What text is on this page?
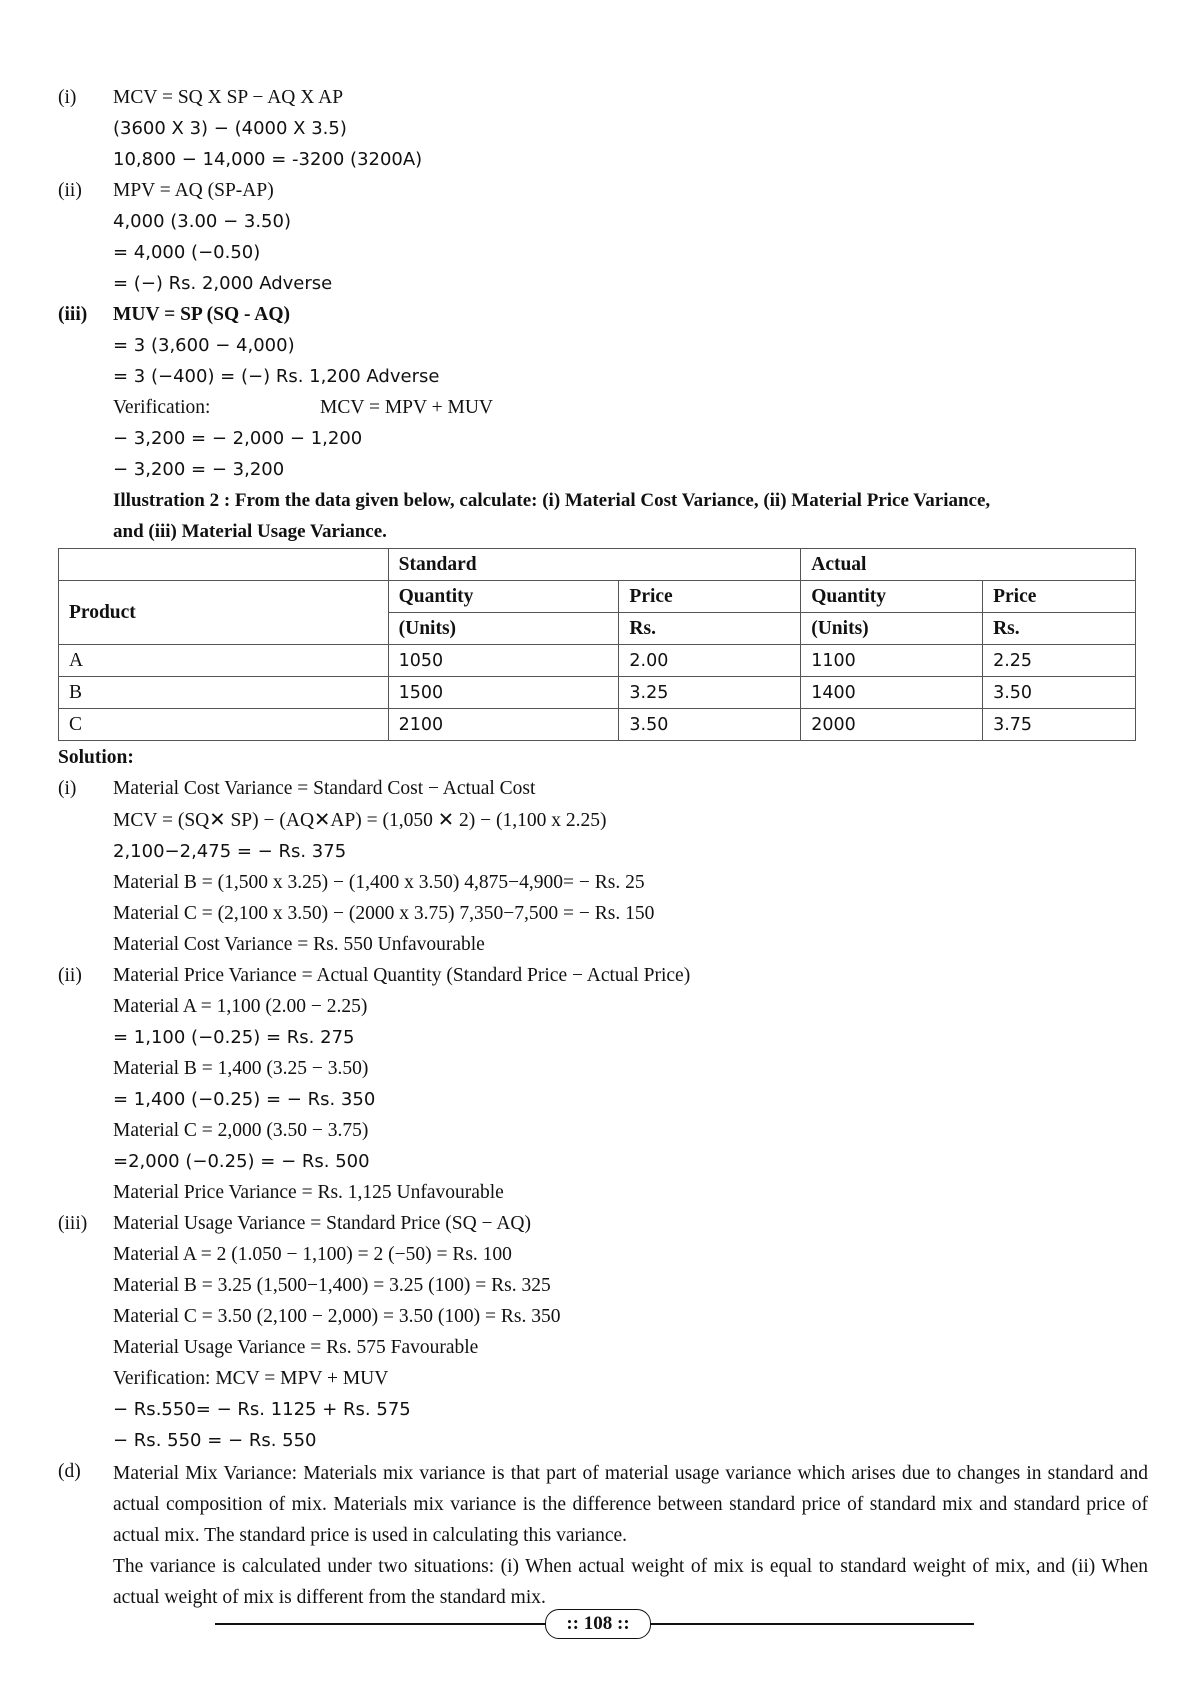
(i) MCV = SQ X SP − AQ X AP
(3600 X 3) − (4000 X 3.5)
10,800 − 14,000 = -3200 (3200A)
(ii) MPV = AQ (SP-AP)
4,000 (3.00 − 3.50)
= 4,000 (−0.50)
= (−) Rs. 2,000 Adverse
(iii) MUV = SP (SQ - AQ)
= 3 (3,600 − 4,000)
= 3 (−400) = (−) Rs. 1,200 Adverse
Verification:	MCV = MPV + MUV
− 3,200 = − 2,000 − 1,200
− 3,200 = − 3,200
Illustration 2 : From the data given below, calculate: (i) Material Cost Variance, (ii) Material Price Variance,
and (iii) Material Usage Variance.
	Standard		Actual	
Product	Quantity	Price	Quantity	Price
	(Units)	Rs.	(Units)	Rs.
A	1050	2.00	1100	2.25
B	1500	3.25	1400	3.50
C	2100	3.50	2000	3.75
Solution:
(i) Material Cost Variance = Standard Cost − Actual Cost
MCV = (SQ✕ SP) − (AQ✕AP) = (1,050 ✕ 2) − (1,100 x 2.25)
2,100−2,475 = − Rs. 375
Material B = (1,500 x 3.25) − (1,400 x 3.50) 4,875−4,900= − Rs. 25
Material C = (2,100 x 3.50) − (2000 x 3.75) 7,350−7,500 = − Rs. 150
Material Cost Variance = Rs. 550 Unfavourable
(ii) Material Price Variance = Actual Quantity (Standard Price − Actual Price)
Material A = 1,100 (2.00 − 2.25)
= 1,100 (−0.25) = Rs. 275
Material B = 1,400 (3.25 − 3.50)
= 1,400 (−0.25) = − Rs. 350
Material C = 2,000 (3.50 − 3.75)
=2,000 (−0.25) = − Rs. 500
Material Price Variance = Rs. 1,125 Unfavourable
(iii) Material Usage Variance = Standard Price (SQ − AQ)
Material A = 2 (1.050 − 1,100) = 2 (−50) = Rs. 100
Material B = 3.25 (1,500−1,400) = 3.25 (100) = Rs. 325
Material C = 3.50 (2,100 − 2,000) = 3.50 (100) = Rs. 350
Material Usage Variance = Rs. 575 Favourable
Verification: MCV = MPV + MUV
− Rs.550= − Rs. 1125 + Rs. 575
− Rs. 550 = − Rs. 550
(d) Material Mix Variance: Materials mix variance is that part of material usage variance which arises due to changes in standard and actual composition of mix. Materials mix variance is the difference between standard price of standard mix and standard price of actual mix. The standard price is used in calculating this variance.
The variance is calculated under two situations: (i) When actual weight of mix is equal to standard weight of mix, and (ii) When actual weight of mix is different from the standard mix.
:: 108 ::
